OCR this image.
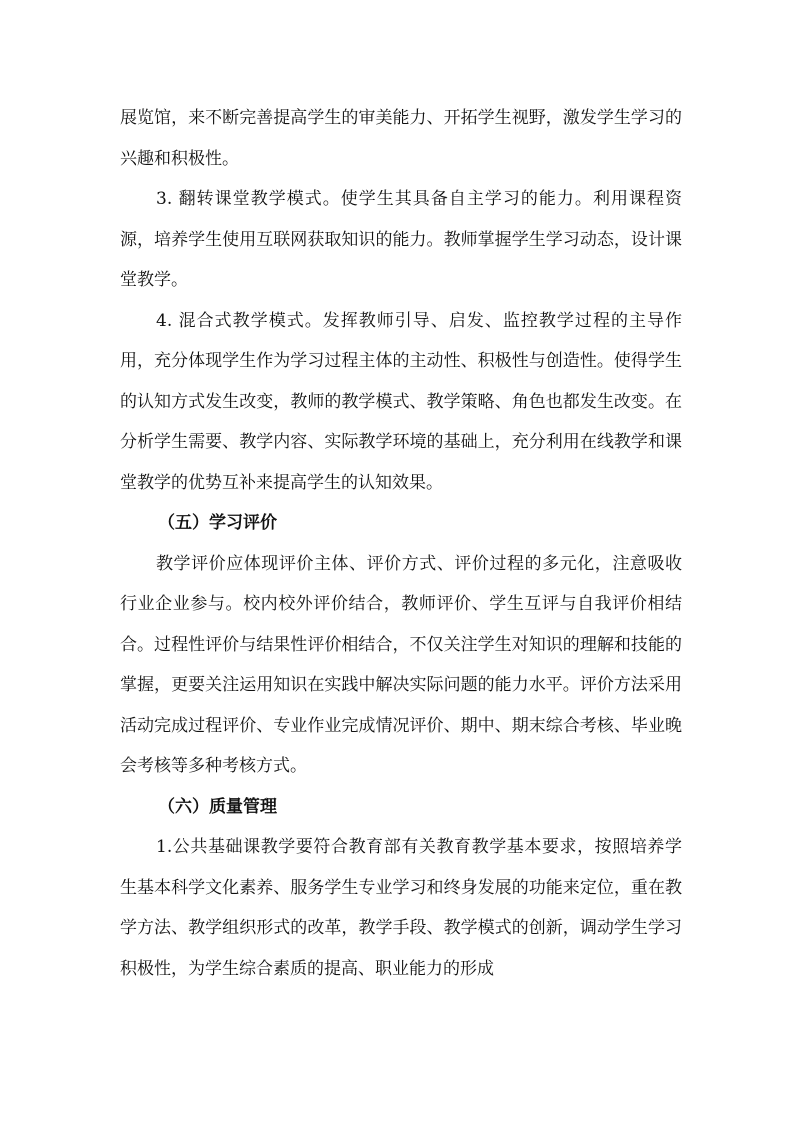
展览馆，来不断完善提高学生的审美能力、开拓学生视野，激发学生学习的兴趣和积极性。

3. 翻转课堂教学模式。使学生其具备自主学习的能力。利用课程资源，培养学生使用互联网获取知识的能力。教师掌握学生学习动态，设计课堂教学。

4. 混合式教学模式。发挥教师引导、启发、监控教学过程的主导作用，充分体现学生作为学习过程主体的主动性、积极性与创造性。使得学生的认知方式发生改变，教师的教学模式、教学策略、角色也都发生改变。在分析学生需要、教学内容、实际教学环境的基础上，充分利用在线教学和课堂教学的优势互补来提高学生的认知效果。

（五）学习评价

教学评价应体现评价主体、评价方式、评价过程的多元化，注意吸收行业企业参与。校内校外评价结合，教师评价、学生互评与自我评价相结合。过程性评价与结果性评价相结合，不仅关注学生对知识的理解和技能的掌握，更要关注运用知识在实践中解决实际问题的能力水平。评价方法采用活动完成过程评价、专业作业完成情况评价、期中、期末综合考核、毕业晚会考核等多种考核方式。

（六）质量管理

1.公共基础课教学要符合教育部有关教育教学基本要求，按照培养学生基本科学文化素养、服务学生专业学习和终身发展的功能来定位，重在教学方法、教学组织形式的改革，教学手段、教学模式的创新，调动学生学习积极性，为学生综合素质的提高、职业能力的形成
